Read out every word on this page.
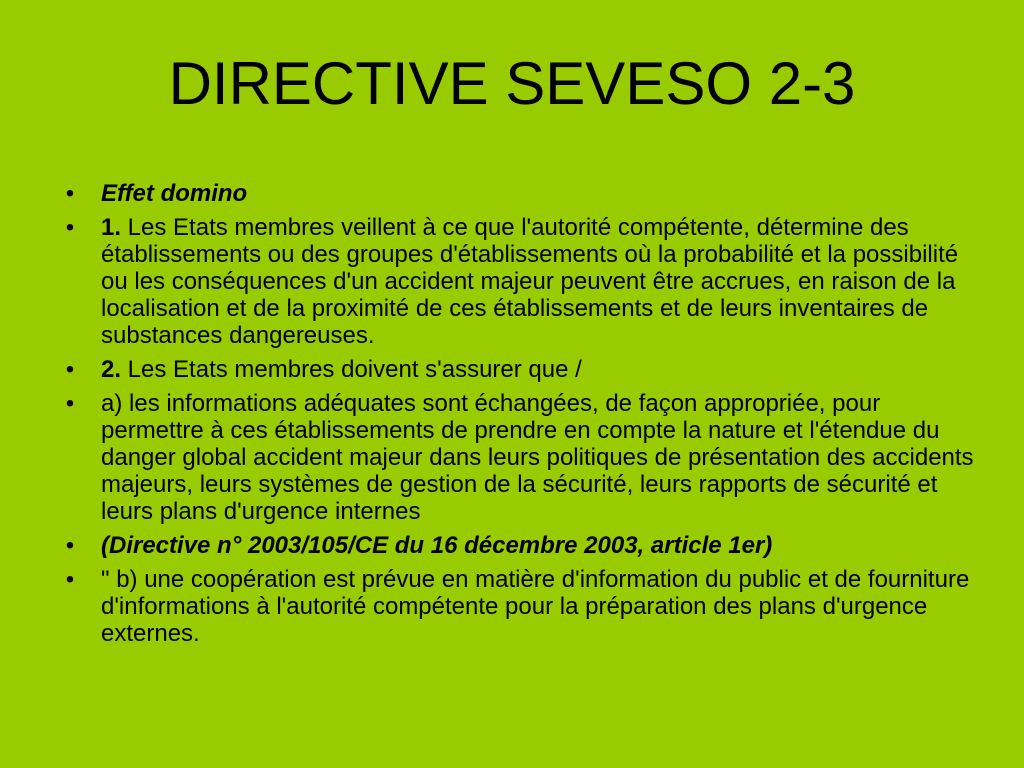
DIRECTIVE SEVESO 2-3
• Effet domino
• 1. Les Etats membres veillent à ce que l'autorité compétente, détermine des établissements ou des groupes d'établissements où la probabilité et la possibilité ou les conséquences d'un accident majeur peuvent être accrues, en raison de la localisation et de la proximité de ces établissements et de leurs inventaires de substances dangereuses.
• 2. Les Etats membres doivent s'assurer que /
• a) les informations adéquates sont échangées, de façon appropriée, pour permettre à ces établissements de prendre en compte la nature et l'étendue du danger global accident majeur dans leurs politiques de présentation des accidents majeurs, leurs systèmes de gestion de la sécurité, leurs rapports de sécurité et leurs plans d'urgence internes
• (Directive n° 2003/105/CE du 16 décembre 2003, article 1er)
• " b) une coopération est prévue en matière d'information du public et de fourniture d'informations à l'autorité compétente pour la préparation des plans d'urgence externes.
